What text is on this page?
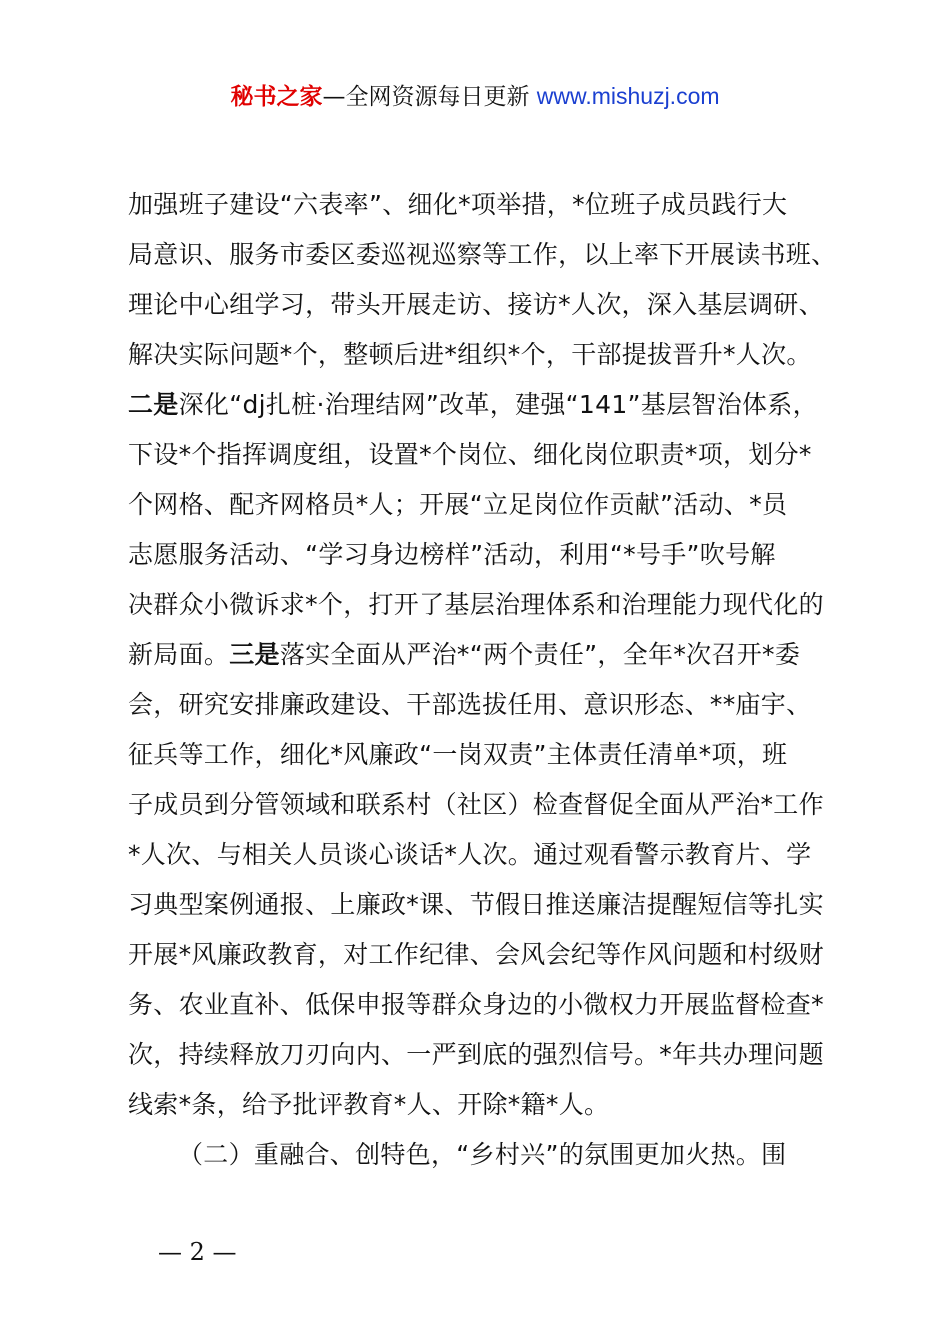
秘书之家—全网资源每日更新 www.mishuzj.com
加强班子建设“六表率”、细化*项举措，*位班子成员践行大
局意识、服务市委区委巡视巡察等工作，以上率下开展读书班、
理论中心组学习，带头开展走访、接访*人次，深入基层调研、
解决实际问题*个，整顿后进*组织*个，干部提拔晋升*人次。
二是深化“dj扎桩·治理结网”改革，建强“141”基层智治体系，
下设*个指挥调度组，设置*个岗位、细化岗位职责*项，划分*
个网格、配齐网格员*人；开展“立足岗位作贡献”活动、*员
志愿服务活动、“学习身边榜样”活动，利用“*号手”吹号解
决群众小微诉求*个，打开了基层治理体系和治理能力现代化的
新局面。三是落实全面从严治*“两个责任”，全年*次召开*委
会，研究安排廉政建设、干部选拔任用、意识形态、**庙宇、
征兵等工作，细化*风廉政“一岗双责”主体责任清单*项，班
子成员到分管领域和联系村（社区）检查督促全面从严治*工作
*人次、与相关人员谈心谈话*人次。通过观看警示教育片、学
习典型案例通报、上廉政*课、节假日推送廉洁提醒短信等扎实
开展*风廉政教育，对工作纪律、会风会纪等作风问题和村级财
务、农业直补、低保申报等群众身边的小微权力开展监督检查*
次，持续释放刀刃向内、一严到底的强烈信号。*年共办理问题
线索*条，给予批评教育*人、开除*籍*人。
（二）重融合、创特色，“乡村兴”的氛围更加火热。围
— 2 —
